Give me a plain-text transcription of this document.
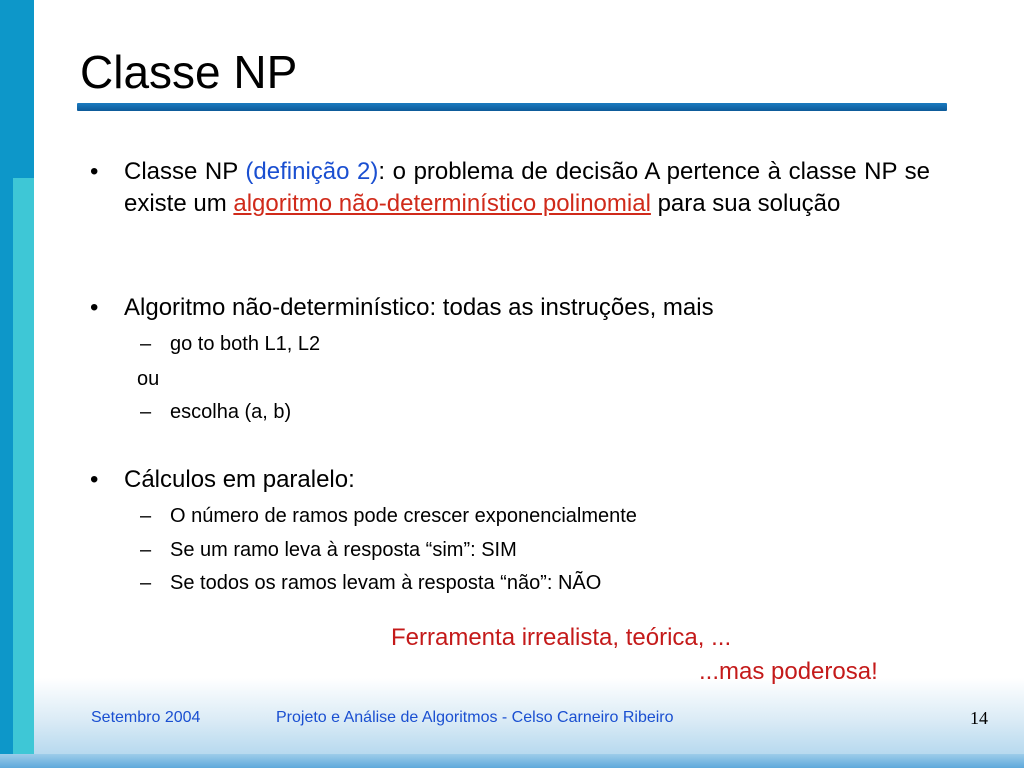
Classe NP
• Classe NP (definição 2): o problema de decisão A pertence à classe NP se existe um algoritmo não-determinístico polinomial para sua solução
• Algoritmo não-determinístico: todas as instruções, mais
– go to both L1, L2
ou
– escolha (a, b)
• Cálculos em paralelo:
– O número de ramos pode crescer exponencialmente
– Se um ramo leva à resposta “sim”: SIM
– Se todos os ramos levam à resposta “não”: NÃO
Ferramenta irrealista, teórica, ...
...mas poderosa!
Setembro 2004	Projeto e Análise de Algoritmos - Celso Carneiro Ribeiro	14
